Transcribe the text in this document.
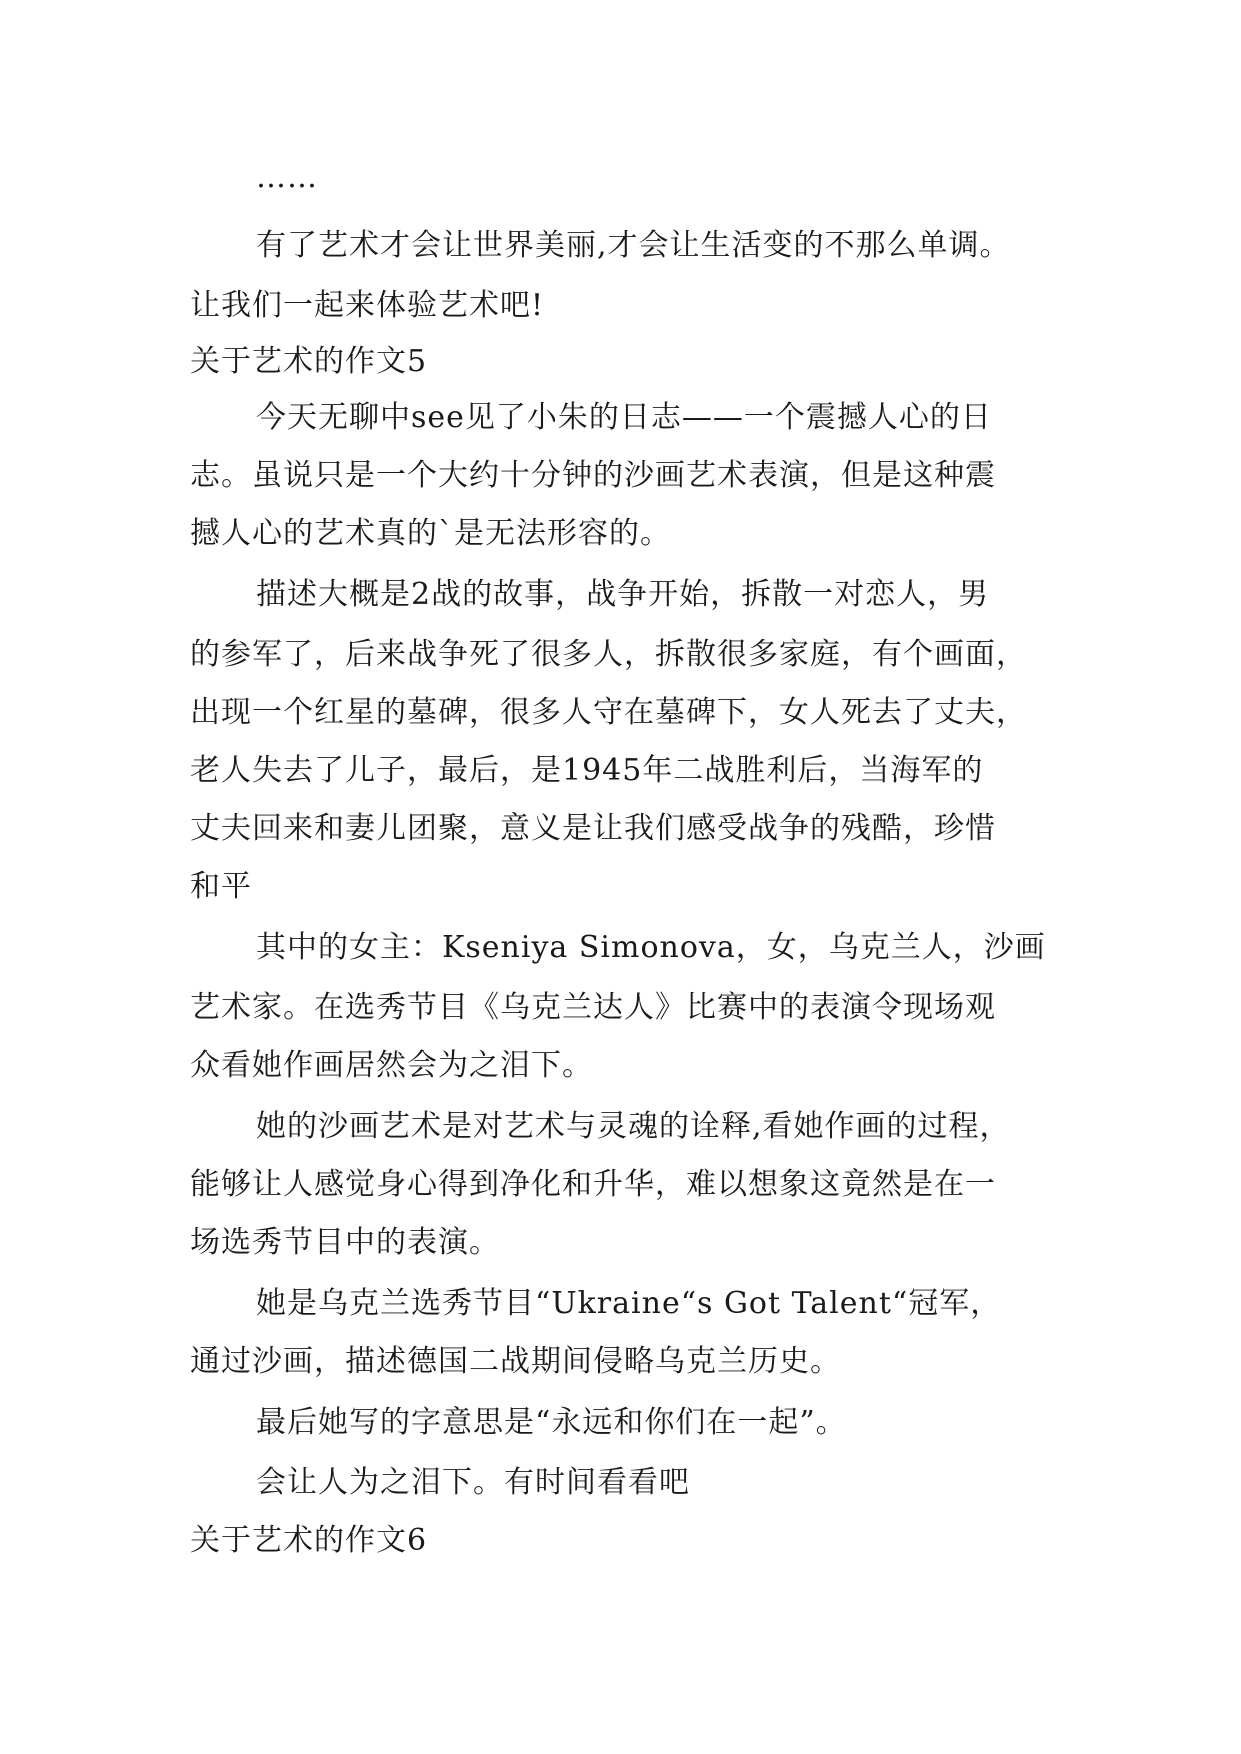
……
有了艺术才会让世界美丽,才会让生活变的不那么单调。
让我们一起来体验艺术吧!
关于艺术的作文5
今天无聊中see见了小朱的日志——一个震撼人心的日
志。虽说只是一个大约十分钟的沙画艺术表演，但是这种震
撼人心的艺术真的`是无法形容的。
描述大概是2战的故事，战争开始，拆散一对恋人，男
的参军了，后来战争死了很多人，拆散很多家庭，有个画面，
出现一个红星的墓碑，很多人守在墓碑下，女人死去了丈夫，
老人失去了儿子，最后，是1945年二战胜利后，当海军的
丈夫回来和妻儿团聚，意义是让我们感受战争的残酷，珍惜
和平
其中的女主：Kseniya Simonova，女，乌克兰人，沙画
艺术家。在选秀节目《乌克兰达人》比赛中的表演令现场观
众看她作画居然会为之泪下。
她的沙画艺术是对艺术与灵魂的诠释,看她作画的过程，
能够让人感觉身心得到净化和升华，难以想象这竟然是在一
场选秀节目中的表演。
她是乌克兰选秀节目“Ukraine“s Got Talent“冠军，
通过沙画，描述德国二战期间侵略乌克兰历史。
最后她写的字意思是“永远和你们在一起”。
会让人为之泪下。有时间看看吧
关于艺术的作文6
